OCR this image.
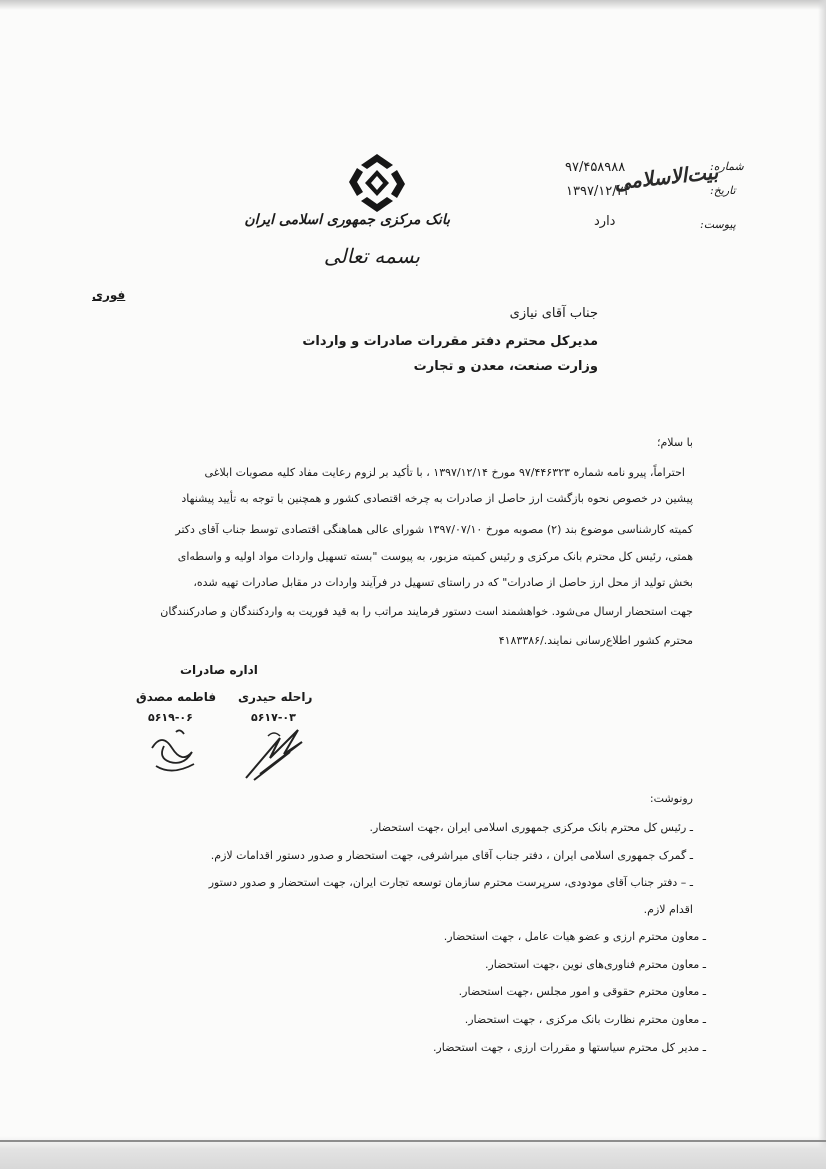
بانک مرکزی جمهوری اسلامی ایران
بسمه تعالی
شماره:
۹۷/۴۵۸۹۸۸
تاریخ:
۱۳۹۷/۱۲/۲۲
پیوست:
دارد
بیت‌الاسلامی
فوری
جناب آقای نیازی
مدیرکل محترم دفتر مقررات صادرات و واردات
وزارت صنعت، معدن و تجارت
با سلام؛
احتراماً، پیرو نامه شماره ۹۷/۴۴۶۳۲۳ مورخ ۱۳۹۷/۱۲/۱۴ ، با تأکید بر لزوم رعایت مفاد کلیه مصوبات ابلاغی
پیشین در خصوص نحوه بازگشت ارز حاصل از صادرات به چرخه اقتصادی کشور و همچنین با توجه به تأیید پیشنهاد
کمیته کارشناسی موضوع بند (۲) مصوبه مورخ ۱۳۹۷/۰۷/۱۰ شورای عالی هماهنگی اقتصادی توسط جناب آقای دکتر
همتی، رئیس کل محترم بانک مرکزی و رئیس کمیته مزبور، به پیوست "بسته تسهیل واردات مواد اولیه و واسطه‌ای
بخش تولید از محل ارز حاصل از صادرات" که در راستای تسهیل در فرآیند واردات در مقابل صادرات تهیه شده،
جهت استحضار ارسال می‌شود. خواهشمند است دستور فرمایند مراتب را به قید فوریت به واردکنندگان و صادرکنندگان
محترم کشور اطلاع‌رسانی نمایند./۴۱۸۳۳۸۶
اداره صادرات
راحله حیدری
۵۶۱۷-۰۳
فاطمه مصدق
۵۶۱۹-۰۶
رونوشت:
ـ رئیس کل محترم بانک مرکزی جمهوری اسلامی ایران ،جهت استحضار.
ـ گمرک جمهوری اسلامی ایران ، دفتر جناب آقای میراشرفی، جهت استحضار و صدور دستور اقدامات لازم.
ـ – دفتر جناب آقای مودودی، سرپرست محترم سازمان توسعه تجارت ایران، جهت استحضار و صدور دستور
اقدام لازم.
ـ معاون محترم ارزی و عضو هیات عامل ، جهت استحضار.
ـ معاون محترم فناوری‌های نوین ،جهت استحضار.
ـ معاون محترم حقوقی و امور مجلس ،جهت استحضار.
ـ معاون محترم نظارت بانک مرکزی ، جهت استحضار.
ـ مدیر کل محترم سیاستها و مقررات ارزی ، جهت استحضار.
